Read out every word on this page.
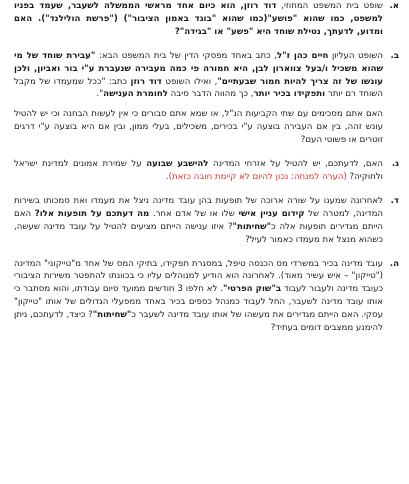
א.
שופט בית המשפט המחוזי, דוד רוזן, הוא כיום אחד מראשי הממשלה לשעבר, שעמד בפניו למשפט, כמו שהוא "פושע"(כמו שהוא "בוגד באמון הציבור") ("פרשת הולילנד"). האם ומדוע, לדעתך, נטילת שוחד היא "פשע" או "בגידה"?
ב.
השופט העליון חיים כהן ז"ל, כתב באחד מפסקי הדין של בית המשפט הבא: "עבירת שוחד של מי שהוא משכיל ו/בעל צווארון לבן, היא חמורה פי כמה מעבירה שנעברת ע"י בור ואביון, ולכן עונשו של זה צריך להיות חמור שבעתיים", ואילו השופט דוד רוזן כתב: "ככל שמעמדו של מקבל השוחד רם יותר ותפקידו בכיר יותר, כך מהווה הדבר סיבה לחומרת הענישה".
האם אתם מסכימים עם שתי הקביעות הנ"ל, או שמא אתם סבורים כי אין לעשות הבחנה וכי יש להטיל עונש זהה, בין אם העבירה בוצעה ע"י בכירים, משכילים, בעלי ממון, ובין אם היא בוצעה ע"י דרגים זוטרים או פשוטי העם?
ג.
האם, לדעתכם, יש להטיל על אזרחי המדינה להישבע שבועה על שמירת אמונים למדינת ישראל ולחוקיה? (הערה למנחה: נכון להיום לא קיימת חובה כזאת).
ד.
לאחרונה שמענו על שורה ארוכה של תופעות בהן עובד מדינה ניצל את מעמדו ואת סמכותו בשירות המדינה, למטרה של קידום עניין אישי שלו או של אדם אחר. מה דעתכם על תופעות אלו? האם הייתם מגדירים תופעות אלה כ"שחיתות"? איזו ענישה הייתם מציעים להטיל על עובד מדינה שעשה, כשהוא מנצל את מעמדו כאמור לעיל?
ה.
עובד מדינה בכיר במשרדי מס הכנסה טיפל, במסגרת תפקידו, בתיקי המס של אחד מ"טייקוני" המדינה ("טייקון" – איש עשיר מאוד). לאחרונה הוא הודיע למנוהלים עליו כי בכוונתו להתפטר משירות הציבורי כעובד מדינה ולעבור לעבוד ב"שוק הפרטי". לא חלפו 3 חודשים ממועד סיום עבודתו, והוא מסתבר כי אותו עובד מדינה לשעבר, החל לעבוד כמנהל כספים בכיר באחד ממפעלי הגדולים של אותו "טייקון" עסקי. האם הייתם מגדירים את מעשהו של אותו עובד מדינה לשעבר כ"שחיתות"? כיצד, לדעתכם, ניתן להימנע ממצבים דומים בעתיד?
